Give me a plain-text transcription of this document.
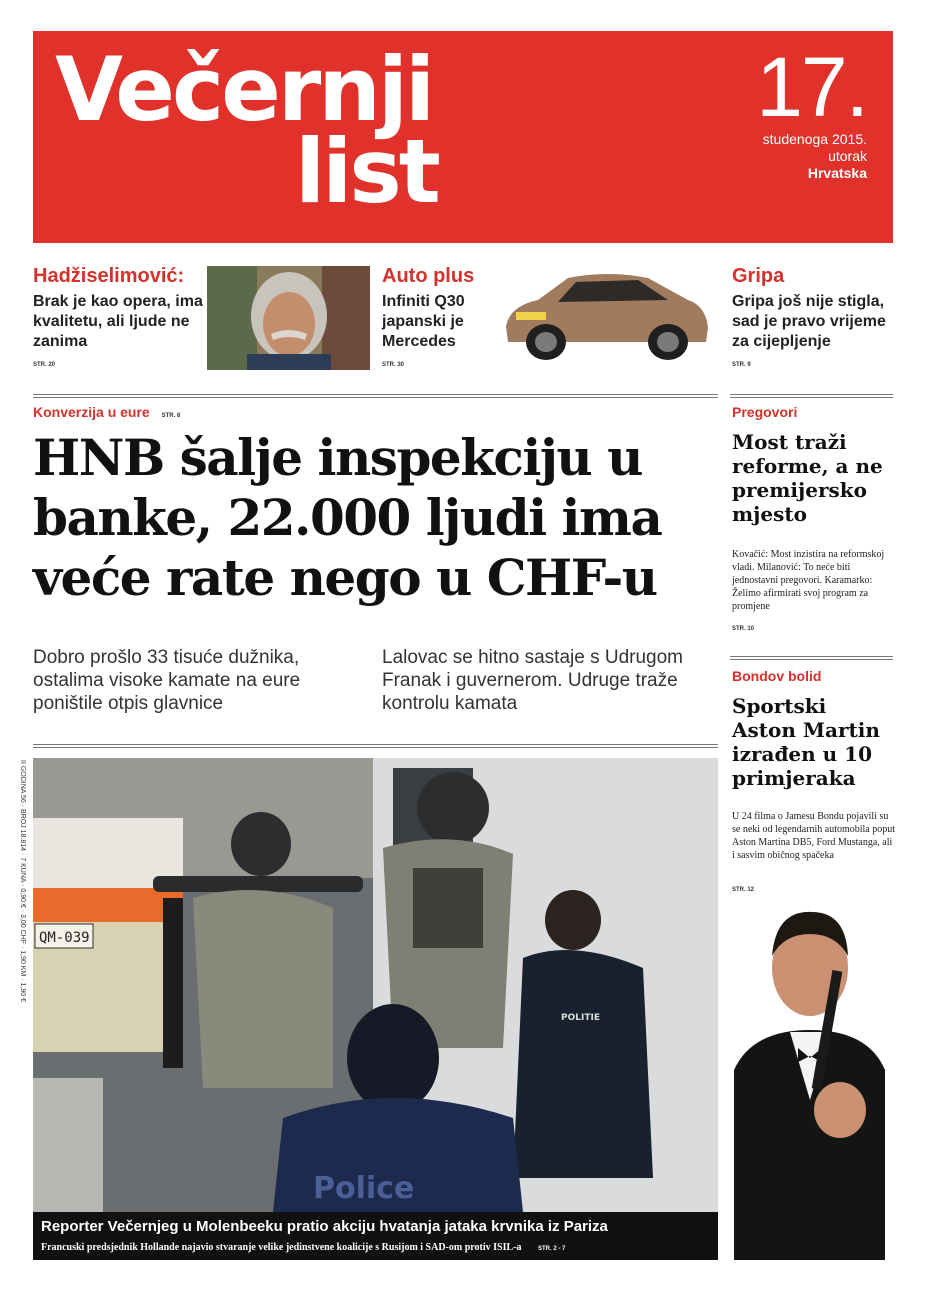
Večernji
list
17.
studenoga 2015.
utorak
Hrvatska
Hadžiselimović:
Brak je kao opera, ima kvalitetu, ali ljude ne zanima
STR. 20
Auto plus
Infiniti Q30 japanski je Mercedes
STR. 30
Gripa
Gripa još nije stigla, sad je pravo vrijeme za cijepljenje
STR. 9
Konverzija u eure STR. 8
HNB šalje inspekciju u banke, 22.000 ljudi ima veće rate nego u CHF-u
Dobro prošlo 33 tisuće dužnika, ostalima visoke kamate na eure poništile otpis glavnice
Lalovac se hitno sastaje s Udrugom Franak i guvernerom. Udruge traže kontrolu kamata
Pregovori
Most traži reforme, a ne premijersko mjesto
Kovačić: Most inzistira na reformskoj vladi. Milanović: To neće biti jednostavni pregovori. Karamarko: Želimo afirmirati svoj program za promjene
STR. 10
Bondov bolid
Sportski Aston Martin izrađen u 10 primjeraka
U 24 filma o Jamesu Bondu pojavili su se neki od legendarnih automobila poput Aston Martina DB5, Ford Mustanga, ali i sasvim običnog spačeka
STR. 12
QM-039
POLITIE
Police
II GODINA 56 · BROJ 18.814 · 7 KUNA · 0,90 € · 3,00 CHF · 1,90 KM · 1,90 €
Reporter Večernjeg u Molenbeeku pratio akciju hvatanja jataka krvnika iz Pariza
Francuski predsjednik Hollande najavio stvaranje velike jedinstvene koalicije s Rusijom i SAD-om protiv ISIL-a	STR. 2 - 7
